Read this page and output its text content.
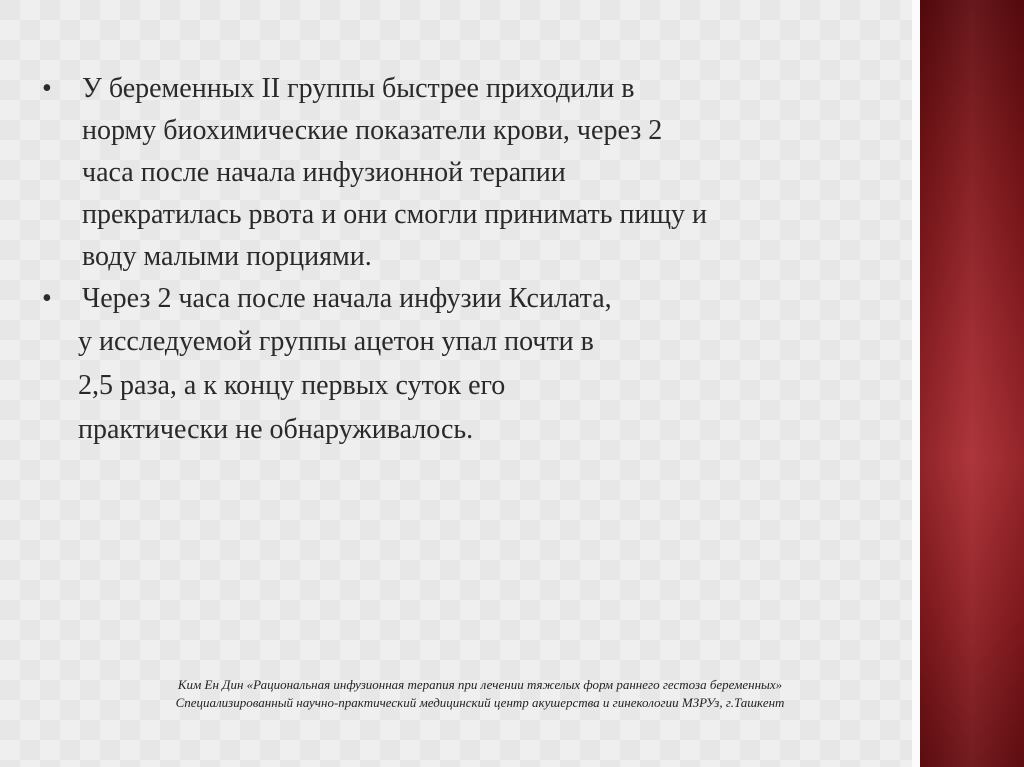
•	У беременных II группы быстрее приходили в
норму биохимические показатели крови, через 2
часа после начала инфузионной терапии
прекратилась рвота и они смогли принимать пищу и
воду малыми порциями.
•	Через 2 часа после начала инфузии Ксилата,
у исследуемой группы ацетон упал почти в
2,5 раза, а к концу первых суток его
практически не обнаруживалось.
Ким Ен Дин «Рациональная инфузионная терапия при лечении тяжелых форм раннего гестоза беременных»
Специализированный научно-практический медицинский центр акушерства и гинекологии МЗРУз, г.Ташкент
